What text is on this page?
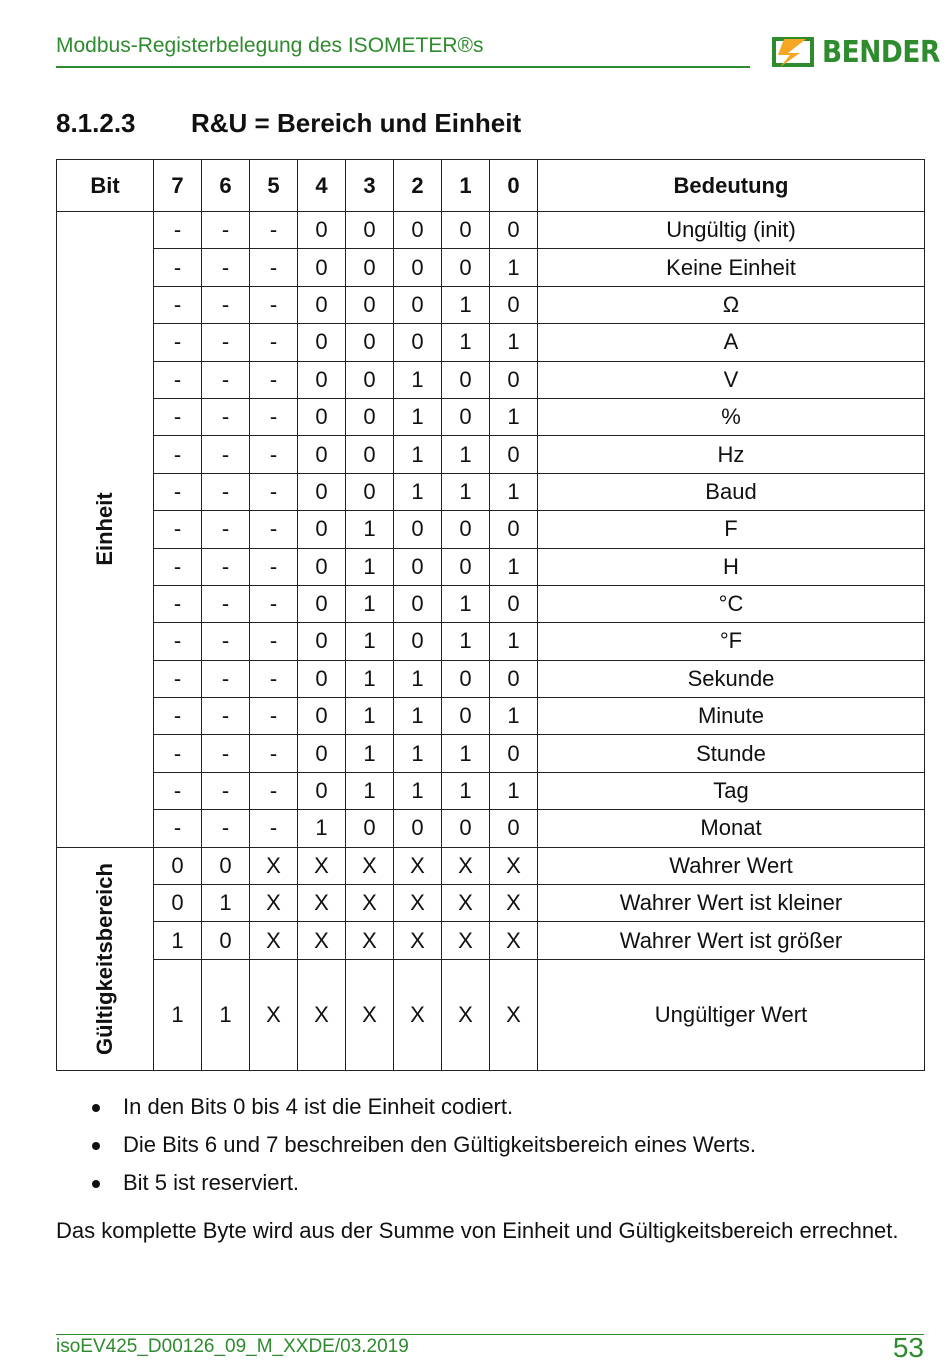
Modbus-Registerbelegung des ISOMETER®s	BENDER
8.1.2.3 R&U = Bereich und Einheit
Bit	7	6	5	4	3	2	1	0	Bedeutung

Einheit	-	-	-	0	0	0	0	0	Ungültig (init)
	-	-	-	0	0	0	0	1	Keine Einheit
	-	-	-	0	0	0	1	0	Ω
	-	-	-	0	0	0	1	1	A
	-	-	-	0	0	1	0	0	V
	-	-	-	0	0	1	0	1	%
	-	-	-	0	0	1	1	0	Hz
	-	-	-	0	0	1	1	1	Baud
	-	-	-	0	1	0	0	0	F
	-	-	-	0	1	0	0	1	H
	-	-	-	0	1	0	1	0	°C
	-	-	-	0	1	0	1	1	°F
	-	-	-	0	1	1	0	0	Sekunde
	-	-	-	0	1	1	0	1	Minute
	-	-	-	0	1	1	1	0	Stunde
	-	-	-	0	1	1	1	1	Tag
	-	-	-	1	0	0	0	0	Monat

Gültigkeitsbereich	0	0	X	X	X	X	X	X	Wahrer Wert
	0	1	X	X	X	X	X	X	Wahrer Wert ist kleiner
	1	0	X	X	X	X	X	X	Wahrer Wert ist größer
	1	1	X	X	X	X	X	X	Ungültiger Wert
In den Bits 0 bis 4 ist die Einheit codiert.
Die Bits 6 und 7 beschreiben den Gültigkeitsbereich eines Werts.
Bit 5 ist reserviert.
Das komplette Byte wird aus der Summe von Einheit und Gültigkeitsbereich errechnet.
isoEV425_D00126_09_M_XXDE/03.2019	53
